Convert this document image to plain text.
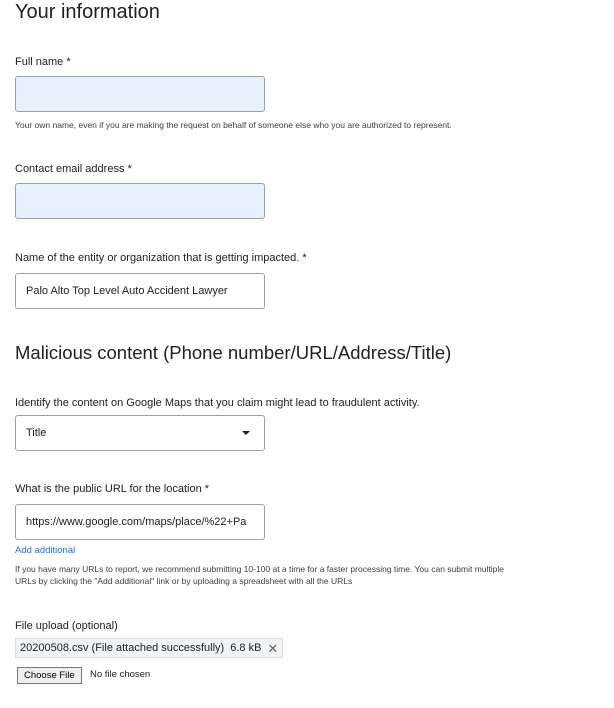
Your information
Full name *
Your own name, even if you are making the request on behalf of someone else who you are authorized to represent.
Contact email address *
Name of the entity or organization that is getting impacted. *
Palo Alto Top Level Auto Accident Lawyer
Malicious content (Phone number/URL/Address/Title)
Identify the content on Google Maps that you claim might lead to fraudulent activity.
Title
What is the public URL for the location *
https://www.google.com/maps/place/%22+Pa
Add additional
If you have many URLs to report, we recommend submitting 10-100 at a time for a faster processing time. You can submit multiple
URLs by clicking the "Add additional" link or by uploading a spreadsheet with all the URLs
File upload (optional)
20200508.csv (File attached successfully) 6.8 kB ✕
Choose File	No file chosen
